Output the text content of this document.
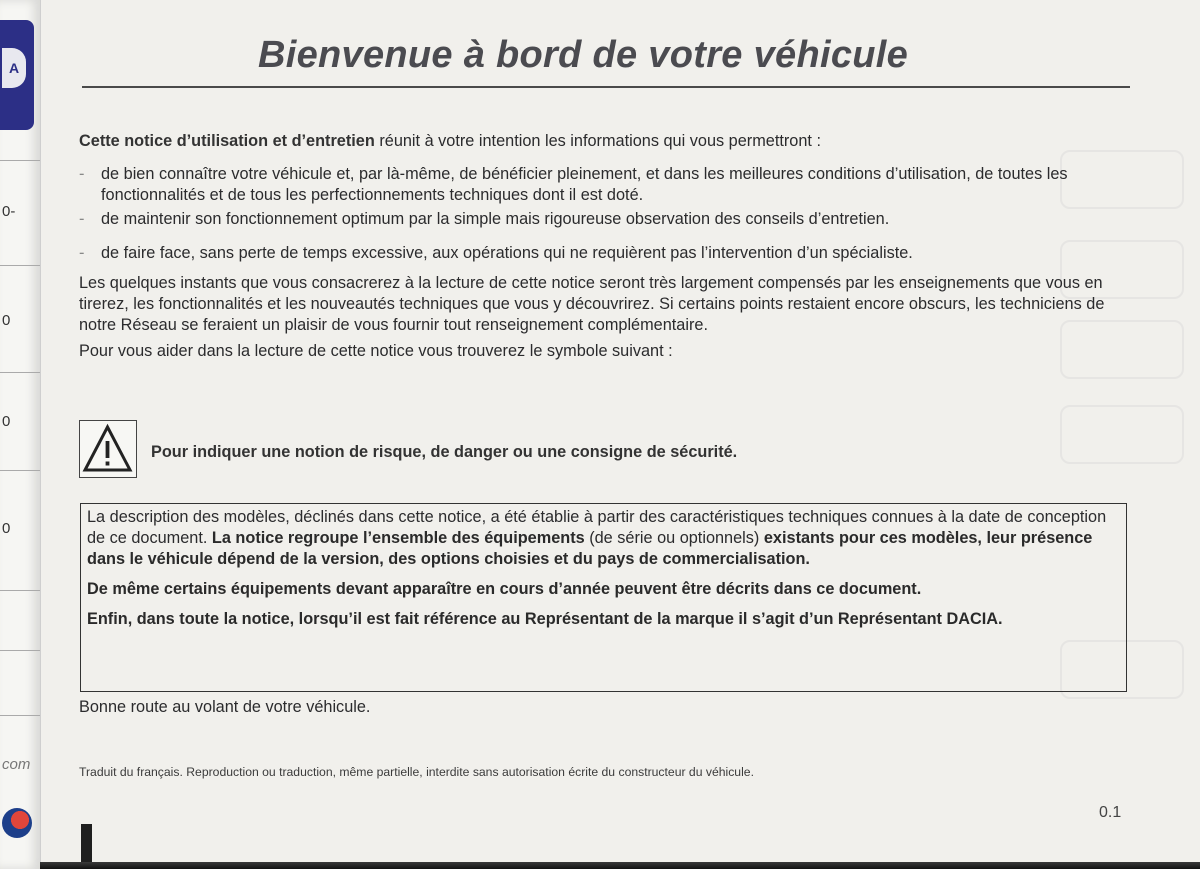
A
0-
0
0
0
com
Bienvenue à bord de votre véhicule

Cette notice d’utilisation et d’entretien réunit à votre intention les informations qui vous permettront :

- de bien connaître votre véhicule et, par là-même, de bénéficier pleinement, et dans les meilleures conditions d’utilisation, de toutes les fonctionnalités et de tous les perfectionnements techniques dont il est doté.
- de maintenir son fonctionnement optimum par la simple mais rigoureuse observation des conseils d’entretien.
- de faire face, sans perte de temps excessive, aux opérations qui ne requièrent pas l’intervention d’un spécialiste.

Les quelques instants que vous consacrerez à la lecture de cette notice seront très largement compensés par les enseignements que vous en tirerez, les fonctionnalités et les nouveautés techniques que vous y découvrirez. Si certains points restaient encore obscurs, les techniciens de notre Réseau se feraient un plaisir de vous fournir tout renseignement complémentaire.

Pour vous aider dans la lecture de cette notice vous trouverez le symbole suivant :

Pour indiquer une notion de risque, de danger ou une consigne de sécurité.

La description des modèles, déclinés dans cette notice, a été établie à partir des caractéristiques techniques connues à la date de conception de ce document. La notice regroupe l’ensemble des équipements (de série ou optionnels) existants pour ces modèles, leur présence dans le véhicule dépend de la version, des options choisies et du pays de commercialisation.

De même certains équipements devant apparaître en cours d’année peuvent être décrits dans ce document.

Enfin, dans toute la notice, lorsqu’il est fait référence au Représentant de la marque il s’agit d’un Représentant DACIA.

Bonne route au volant de votre véhicule.
Traduit du français. Reproduction ou traduction, même partielle, interdite sans autorisation écrite du constructeur du véhicule.
0.1
